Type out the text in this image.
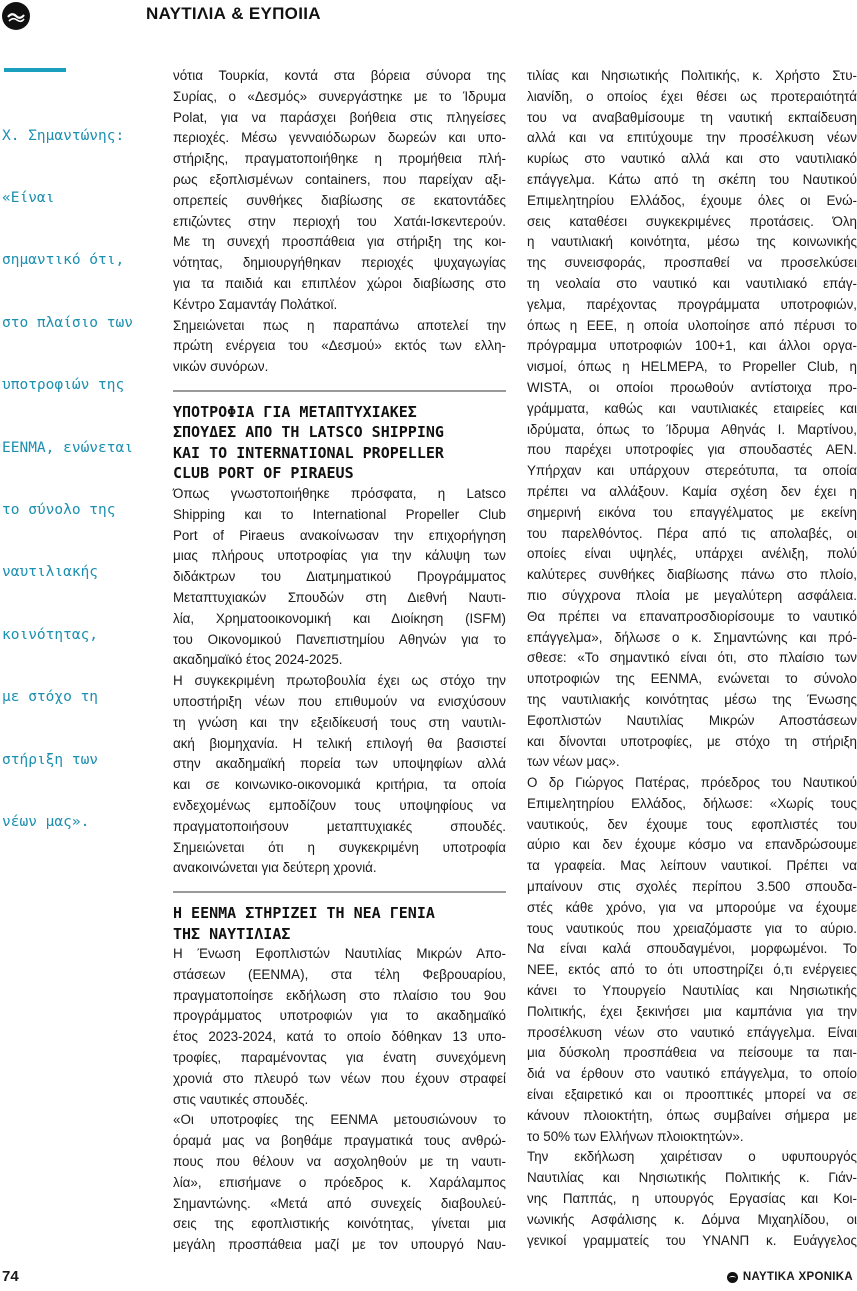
ΝΑΥΤΙΛΙΑ & ΕΥΠΟΙΙΑ

Χ. Σημαντώνης:

«Είναι

σημαντικό ότι,

στο πλαίσιο των

υποτροφιών της

ΕΕΝΜΑ, ενώνεται

το σύνολο της

ναυτιλιακής

κοινότητας,

με στόχο τη

στήριξη των

νέων μας».

νότια Τουρκία, κοντά στα βόρεια σύνορα της
Συρίας, ο «Δεσμός» συνεργάστηκε με το Ίδρυμα
Polat, για να παράσχει βοήθεια στις πληγείσες
περιοχές. Μέσω γενναιόδωρων δωρεών και υπο-
στήριξης, πραγματοποιήθηκε η προμήθεια πλή-
ρως εξοπλισμένων containers, που παρείχαν αξι-
οπρεπείς συνθήκες διαβίωσης σε εκατοντάδες
επιζώντες στην περιοχή του Χατάι-Ισκεντερούν.
Με τη συνεχή προσπάθεια για στήριξη της κοι-
νότητας, δημιουργήθηκαν περιοχές ψυχαγωγίας
για τα παιδιά και επιπλέον χώροι διαβίωσης στο
Κέντρο Σαμαντάγ Πολάτκοϊ.
Σημειώνεται πως η παραπάνω αποτελεί την
πρώτη ενέργεια του «Δεσμού» εκτός των ελλη-
νικών συνόρων.
ΥΠΟΤΡΟΦΙΑ ΓΙΑ ΜΕΤΑΠΤΥΧΙΑΚΕΣ
ΣΠΟΥΔΕΣ ΑΠΟ ΤΗ LATSCO SHIPPING
ΚΑΙ ΤΟ INTERNATIONAL PROPELLER
CLUB PORT OF PIRAEUS
Όπως γνωστοποιήθηκε πρόσφατα, η Latsco
Shipping και το International Propeller Club
Port of Piraeus ανακοίνωσαν την επιχορήγηση
μιας πλήρους υποτροφίας για την κάλυψη των
διδάκτρων του Διατμηματικού Προγράμματος
Μεταπτυχιακών Σπουδών στη Διεθνή Ναυτι-
λία, Χρηματοοικονομική και Διοίκηση (ISFM)
του Οικονομικού Πανεπιστημίου Αθηνών για το
ακαδημαϊκό έτος 2024-2025.
Η συγκεκριμένη πρωτοβουλία έχει ως στόχο την
υποστήριξη νέων που επιθυμούν να ενισχύσουν
τη γνώση και την εξειδίκευσή τους στη ναυτιλι-
ακή βιομηχανία. Η τελική επιλογή θα βασιστεί
στην ακαδημαϊκή πορεία των υποψηφίων αλλά
και σε κοινωνικο-οικονομικά κριτήρια, τα οποία
ενδεχομένως εμποδίζουν τους υποψηφίους να
πραγματοποιήσουν μεταπτυχιακές σπουδές.
Σημειώνεται ότι η συγκεκριμένη υποτροφία
ανακοινώνεται για δεύτερη χρονιά.
Η ΕΕΝΜΑ ΣΤΗΡΙΖΕΙ ΤΗ ΝΕΑ ΓΕΝΙΑ
ΤΗΣ ΝΑΥΤΙΛΙΑΣ
Η Ένωση Εφοπλιστών Ναυτιλίας Μικρών Απο-
στάσεων (ΕΕΝΜΑ), στα τέλη Φεβρουαρίου,
πραγματοποίησε εκδήλωση στο πλαίσιο του 9ου
προγράμματος υποτροφιών για το ακαδημαϊκό
έτος 2023-2024, κατά το οποίο δόθηκαν 13 υπο-
τροφίες, παραμένοντας για ένατη συνεχόμενη
χρονιά στο πλευρό των νέων που έχουν στραφεί
στις ναυτικές σπουδές.
«Οι υποτροφίες της ΕΕΝΜΑ μετουσιώνουν το
όραμά μας να βοηθάμε πραγματικά τους ανθρώ-
πους που θέλουν να ασχοληθούν με τη ναυτι-
λία», επισήμανε ο πρόεδρος κ. Χαράλαμπος
Σημαντώνης. «Μετά από συνεχείς διαβουλεύ-
σεις της εφοπλιστικής κοινότητας, γίνεται μια
μεγάλη προσπάθεια μαζί με τον υπουργό Ναυ-
τιλίας και Νησιωτικής Πολιτικής, κ. Χρήστο Στυ-
λιανίδη, ο οποίος έχει θέσει ως προτεραιότητά
του να αναβαθμίσουμε τη ναυτική εκπαίδευση
αλλά και να επιτύχουμε την προσέλκυση νέων
κυρίως στο ναυτικό αλλά και στο ναυτιλιακό
επάγγελμα. Κάτω από τη σκέπη του Ναυτικού
Επιμελητηρίου Ελλάδος, έχουμε όλες οι Ενώ-
σεις καταθέσει συγκεκριμένες προτάσεις. Όλη
η ναυτιλιακή κοινότητα, μέσω της κοινωνικής
της συνεισφοράς, προσπαθεί να προσελκύσει
τη νεολαία στο ναυτικό και ναυτιλιακό επάγ-
γελμα, παρέχοντας προγράμματα υποτροφιών,
όπως η ΕΕΕ, η οποία υλοποίησε από πέρυσι το
πρόγραμμα υποτροφιών 100+1, και άλλοι οργα-
νισμοί, όπως η HELMEPA, το Propeller Club, η
WISTA, οι οποίοι προωθούν αντίστοιχα προ-
γράμματα, καθώς και ναυτιλιακές εταιρείες και
ιδρύματα, όπως το Ίδρυμα Αθηνάς Ι. Μαρτίνου,
που παρέχει υποτροφίες για σπουδαστές ΑΕΝ.
Υπήρχαν και υπάρχουν στερεότυπα, τα οποία
πρέπει να αλλάξουν. Καμία σχέση δεν έχει η
σημερινή εικόνα του επαγγέλματος με εκείνη
του παρελθόντος. Πέρα από τις απολαβές, οι
οποίες είναι υψηλές, υπάρχει ανέλιξη, πολύ
καλύτερες συνθήκες διαβίωσης πάνω στο πλοίο,
πιο σύγχρονα πλοία με μεγαλύτερη ασφάλεια.
Θα πρέπει να επαναπροσδιορίσουμε το ναυτικό
επάγγελμα», δήλωσε ο κ. Σημαντώνης και πρό-
σθεσε: «Το σημαντικό είναι ότι, στο πλαίσιο των
υποτροφιών της ΕΕΝΜΑ, ενώνεται το σύνολο
της ναυτιλιακής κοινότητας μέσω της Ένωσης
Εφοπλιστών Ναυτιλίας Μικρών Αποστάσεων
και δίνονται υποτροφίες, με στόχο τη στήριξη
των νέων μας».
Ο δρ Γιώργος Πατέρας, πρόεδρος του Ναυτικού
Επιμελητηρίου Ελλάδος, δήλωσε: «Χωρίς τους
ναυτικούς, δεν έχουμε τους εφοπλιστές του
αύριο και δεν έχουμε κόσμο να επανδρώσουμε
τα γραφεία. Μας λείπουν ναυτικοί. Πρέπει να
μπαίνουν στις σχολές περίπου 3.500 σπουδα-
στές κάθε χρόνο, για να μπορούμε να έχουμε
τους ναυτικούς που χρειαζόμαστε για το αύριο.
Να είναι καλά σπουδαγμένοι, μορφωμένοι. Το
ΝΕΕ, εκτός από το ότι υποστηρίζει ό,τι ενέργειες
κάνει το Υπουργείο Ναυτιλίας και Νησιωτικής
Πολιτικής, έχει ξεκινήσει μια καμπάνια για την
προσέλκυση νέων στο ναυτικό επάγγελμα. Είναι
μια δύσκολη προσπάθεια να πείσουμε τα παι-
διά να έρθουν στο ναυτικό επάγγελμα, το οποίο
είναι εξαιρετικό και οι προοπτικές μπορεί να σε
κάνουν πλοιοκτήτη, όπως συμβαίνει σήμερα με
το 50% των Ελλήνων πλοιοκτητών».
Την εκδήλωση χαιρέτισαν ο υφυπουργός
Ναυτιλίας και Νησιωτικής Πολιτικής κ. Γιάν-
νης Παππάς, η υπουργός Εργασίας και Κοι-
νωνικής Ασφάλισης κ. Δόμνα Μιχαηλίδου, οι
γενικοί γραμματείς του ΥΝΑΝΠ κ. Ευάγγελος
74	ΝΑΥΤΙΚΑ ΧΡΟΝΙΚΑ
